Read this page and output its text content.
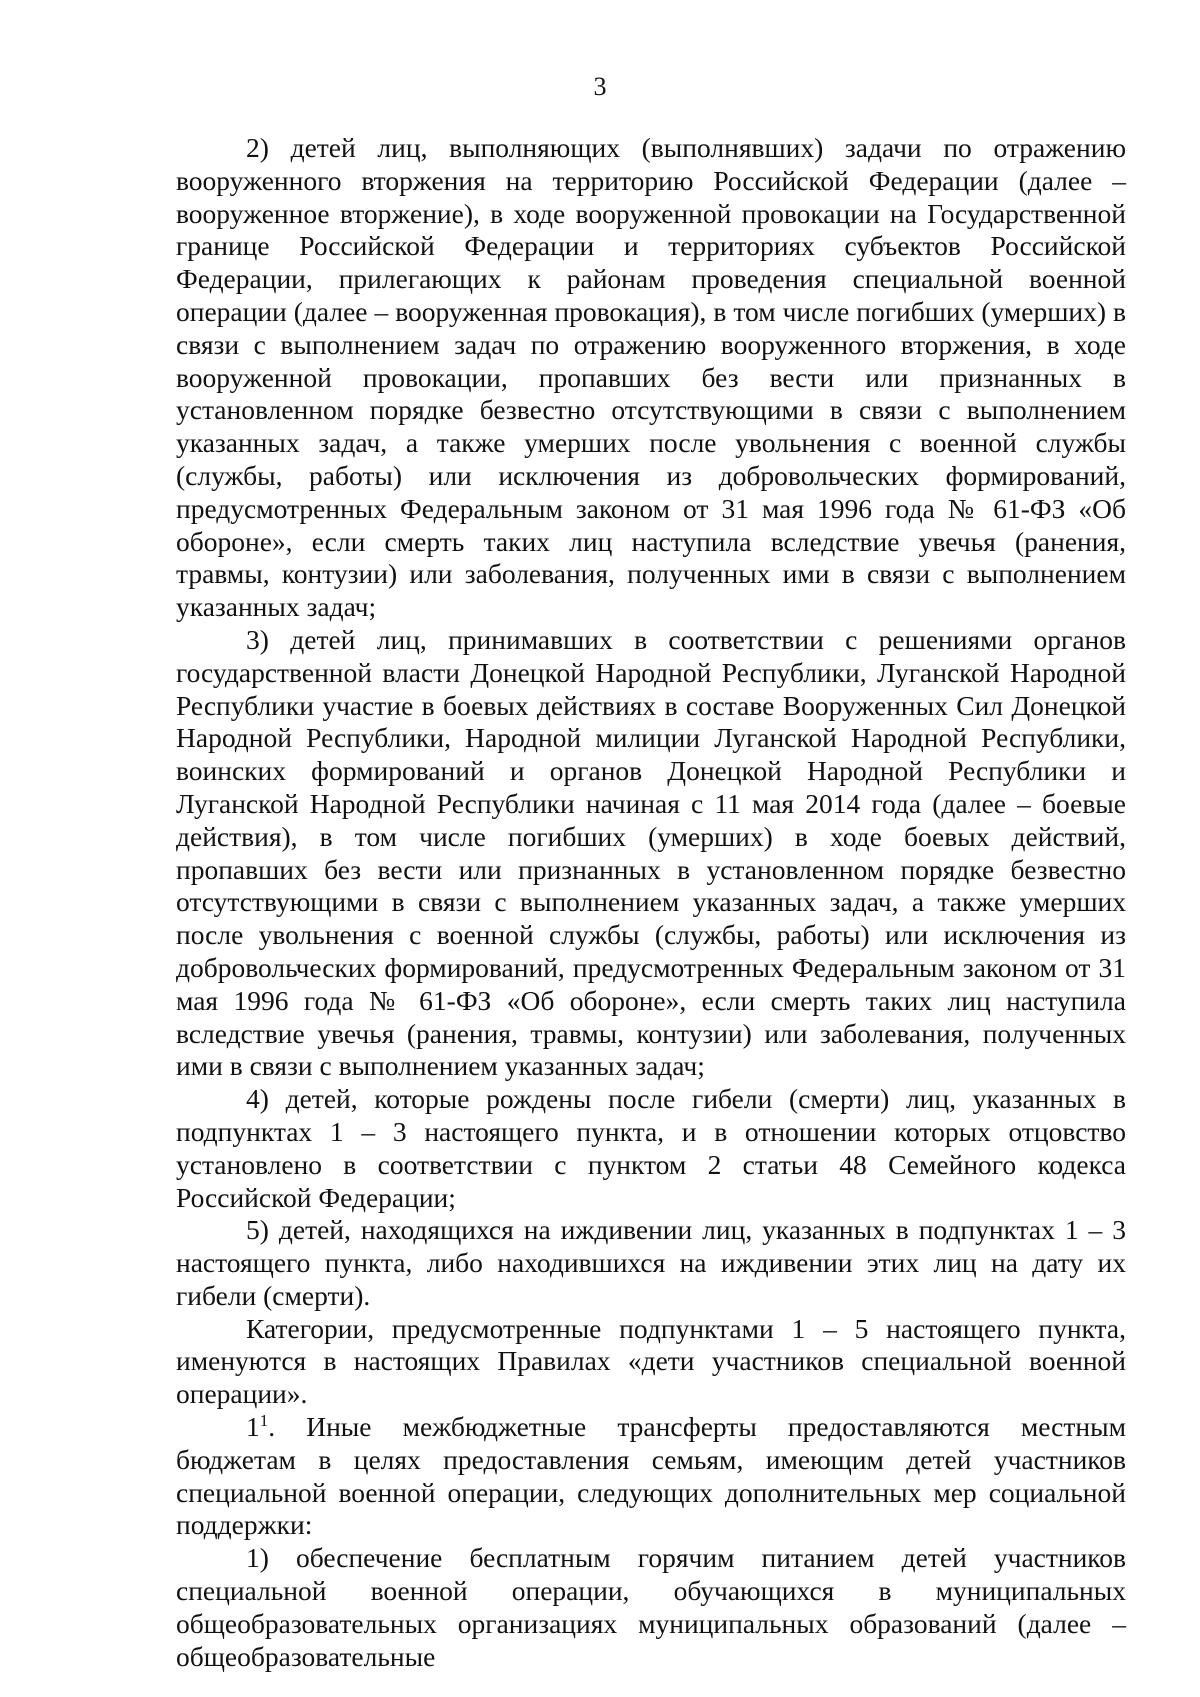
3

2) детей лиц, выполняющих (выполнявших) задачи по отражению вооруженного вторжения на территорию Российской Федерации (далее – вооруженное вторжение), в ходе вооруженной провокации на Государственной границе Российской Федерации и территориях субъектов Российской Федерации, прилегающих к районам проведения специальной военной операции (далее – вооруженная провокация), в том числе погибших (умерших) в связи с выполнением задач по отражению вооруженного вторжения, в ходе вооруженной провокации, пропавших без вести или признанных в установленном порядке безвестно отсутствующими в связи с выполнением указанных задач, а также умерших после увольнения с военной службы (службы, работы) или исключения из добровольческих формирований, предусмотренных Федеральным законом от 31 мая 1996 года № 61-ФЗ «Об обороне», если смерть таких лиц наступила вследствие увечья (ранения, травмы, контузии) или заболевания, полученных ими в связи с выполнением указанных задач;

3) детей лиц, принимавших в соответствии с решениями органов государственной власти Донецкой Народной Республики, Луганской Народной Республики участие в боевых действиях в составе Вооруженных Сил Донецкой Народной Республики, Народной милиции Луганской Народной Республики, воинских формирований и органов Донецкой Народной Республики и Луганской Народной Республики начиная с 11 мая 2014 года (далее – боевые действия), в том числе погибших (умерших) в ходе боевых действий, пропавших без вести или признанных в установленном порядке безвестно отсутствующими в связи с выполнением указанных задач, а также умерших после увольнения с военной службы (службы, работы) или исключения из добровольческих формирований, предусмотренных Федеральным законом от 31 мая 1996 года № 61-ФЗ «Об обороне», если смерть таких лиц наступила вследствие увечья (ранения, травмы, контузии) или заболевания, полученных ими в связи с выполнением указанных задач;

4) детей, которые рождены после гибели (смерти) лиц, указанных в подпунктах 1 – 3 настоящего пункта, и в отношении которых отцовство установлено в соответствии с пунктом 2 статьи 48 Семейного кодекса Российской Федерации;

5) детей, находящихся на иждивении лиц, указанных в подпунктах 1 – 3 настоящего пункта, либо находившихся на иждивении этих лиц на дату их гибели (смерти).

Категории, предусмотренные подпунктами 1 – 5 настоящего пункта, именуются в настоящих Правилах «дети участников специальной военной операции».

$1^1$. Иные межбюджетные трансферты предоставляются местным бюджетам в целях предоставления семьям, имеющим детей участников специальной военной операции, следующих дополнительных мер социальной поддержки:

1) обеспечение бесплатным горячим питанием детей участников специальной военной операции, обучающихся в муниципальных общеобразовательных организациях муниципальных образований (далее – общеобразовательные
